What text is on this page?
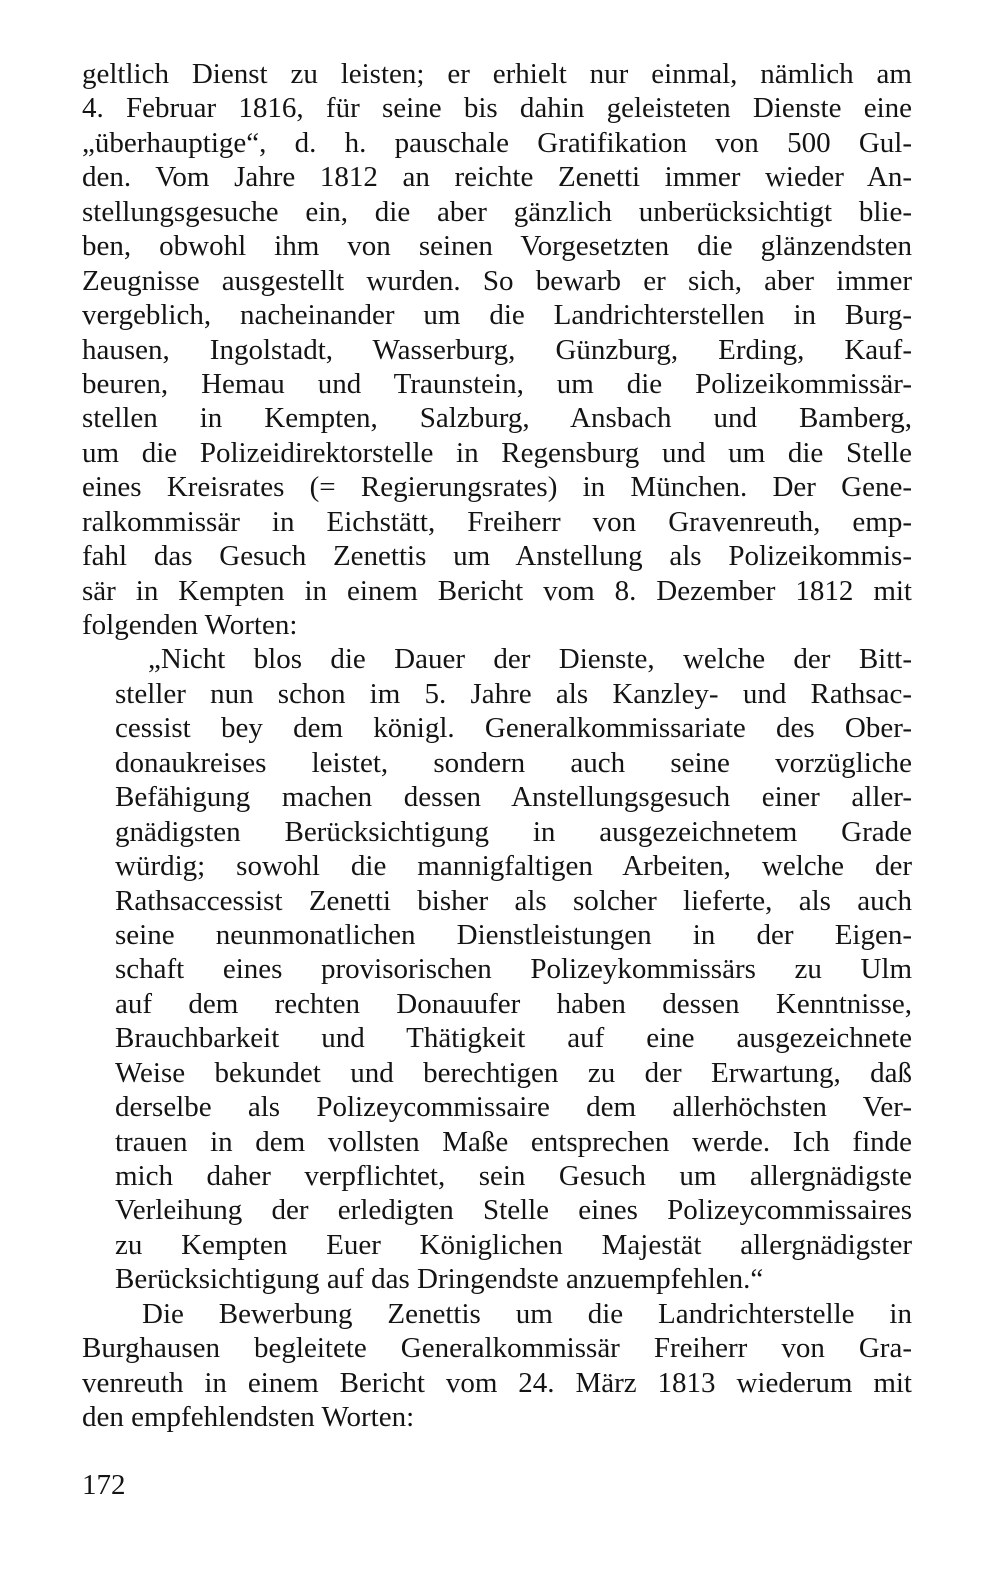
geltlich Dienst zu leisten; er erhielt nur einmal, nämlich am
4. Februar 1816, für seine bis dahin geleisteten Dienste eine
„überhauptige“, d. h. pauschale Gratifikation von 500 Gul-
den. Vom Jahre 1812 an reichte Zenetti immer wieder An-
stellungsgesuche ein, die aber gänzlich unberücksichtigt blie-
ben, obwohl ihm von seinen Vorgesetzten die glänzendsten
Zeugnisse ausgestellt wurden. So bewarb er sich, aber immer
vergeblich, nacheinander um die Landrichterstellen in Burg-
hausen, Ingolstadt, Wasserburg, Günzburg, Erding, Kauf-
beuren, Hemau und Traunstein, um die Polizeikommissär-
stellen in Kempten, Salzburg, Ansbach und Bamberg,
um die Polizeidirektorstelle in Regensburg und um die Stelle
eines Kreisrates (= Regierungsrates) in München. Der Gene-
ralkommissär in Eichstätt, Freiherr von Gravenreuth, emp-
fahl das Gesuch Zenettis um Anstellung als Polizeikommis-
sär in Kempten in einem Bericht vom 8. Dezember 1812 mit
folgenden Worten:
„Nicht blos die Dauer der Dienste, welche der Bitt-
steller nun schon im 5. Jahre als Kanzley- und Rathsac-
cessist bey dem königl. Generalkommissariate des Ober-
donaukreises leistet, sondern auch seine vorzügliche
Befähigung machen dessen Anstellungsgesuch einer aller-
gnädigsten Berücksichtigung in ausgezeichnetem Grade
würdig; sowohl die mannigfaltigen Arbeiten, welche der
Rathsaccessist Zenetti bisher als solcher lieferte, als auch
seine neunmonatlichen Dienstleistungen in der Eigen-
schaft eines provisorischen Polizeykommissärs zu Ulm
auf dem rechten Donauufer haben dessen Kenntnisse,
Brauchbarkeit und Thätigkeit auf eine ausgezeichnete
Weise bekundet und berechtigen zu der Erwartung, daß
derselbe als Polizeycommissaire dem allerhöchsten Ver-
trauen in dem vollsten Maße entsprechen werde. Ich finde
mich daher verpflichtet, sein Gesuch um allergnädigste
Verleihung der erledigten Stelle eines Polizeycommissaires
zu Kempten Euer Königlichen Majestät allergnädigster
Berücksichtigung auf das Dringendste anzuempfehlen.“
Die Bewerbung Zenettis um die Landrichterstelle in
Burghausen begleitete Generalkommissär Freiherr von Gra-
venreuth in einem Bericht vom 24. März 1813 wiederum mit
den empfehlendsten Worten:
172
